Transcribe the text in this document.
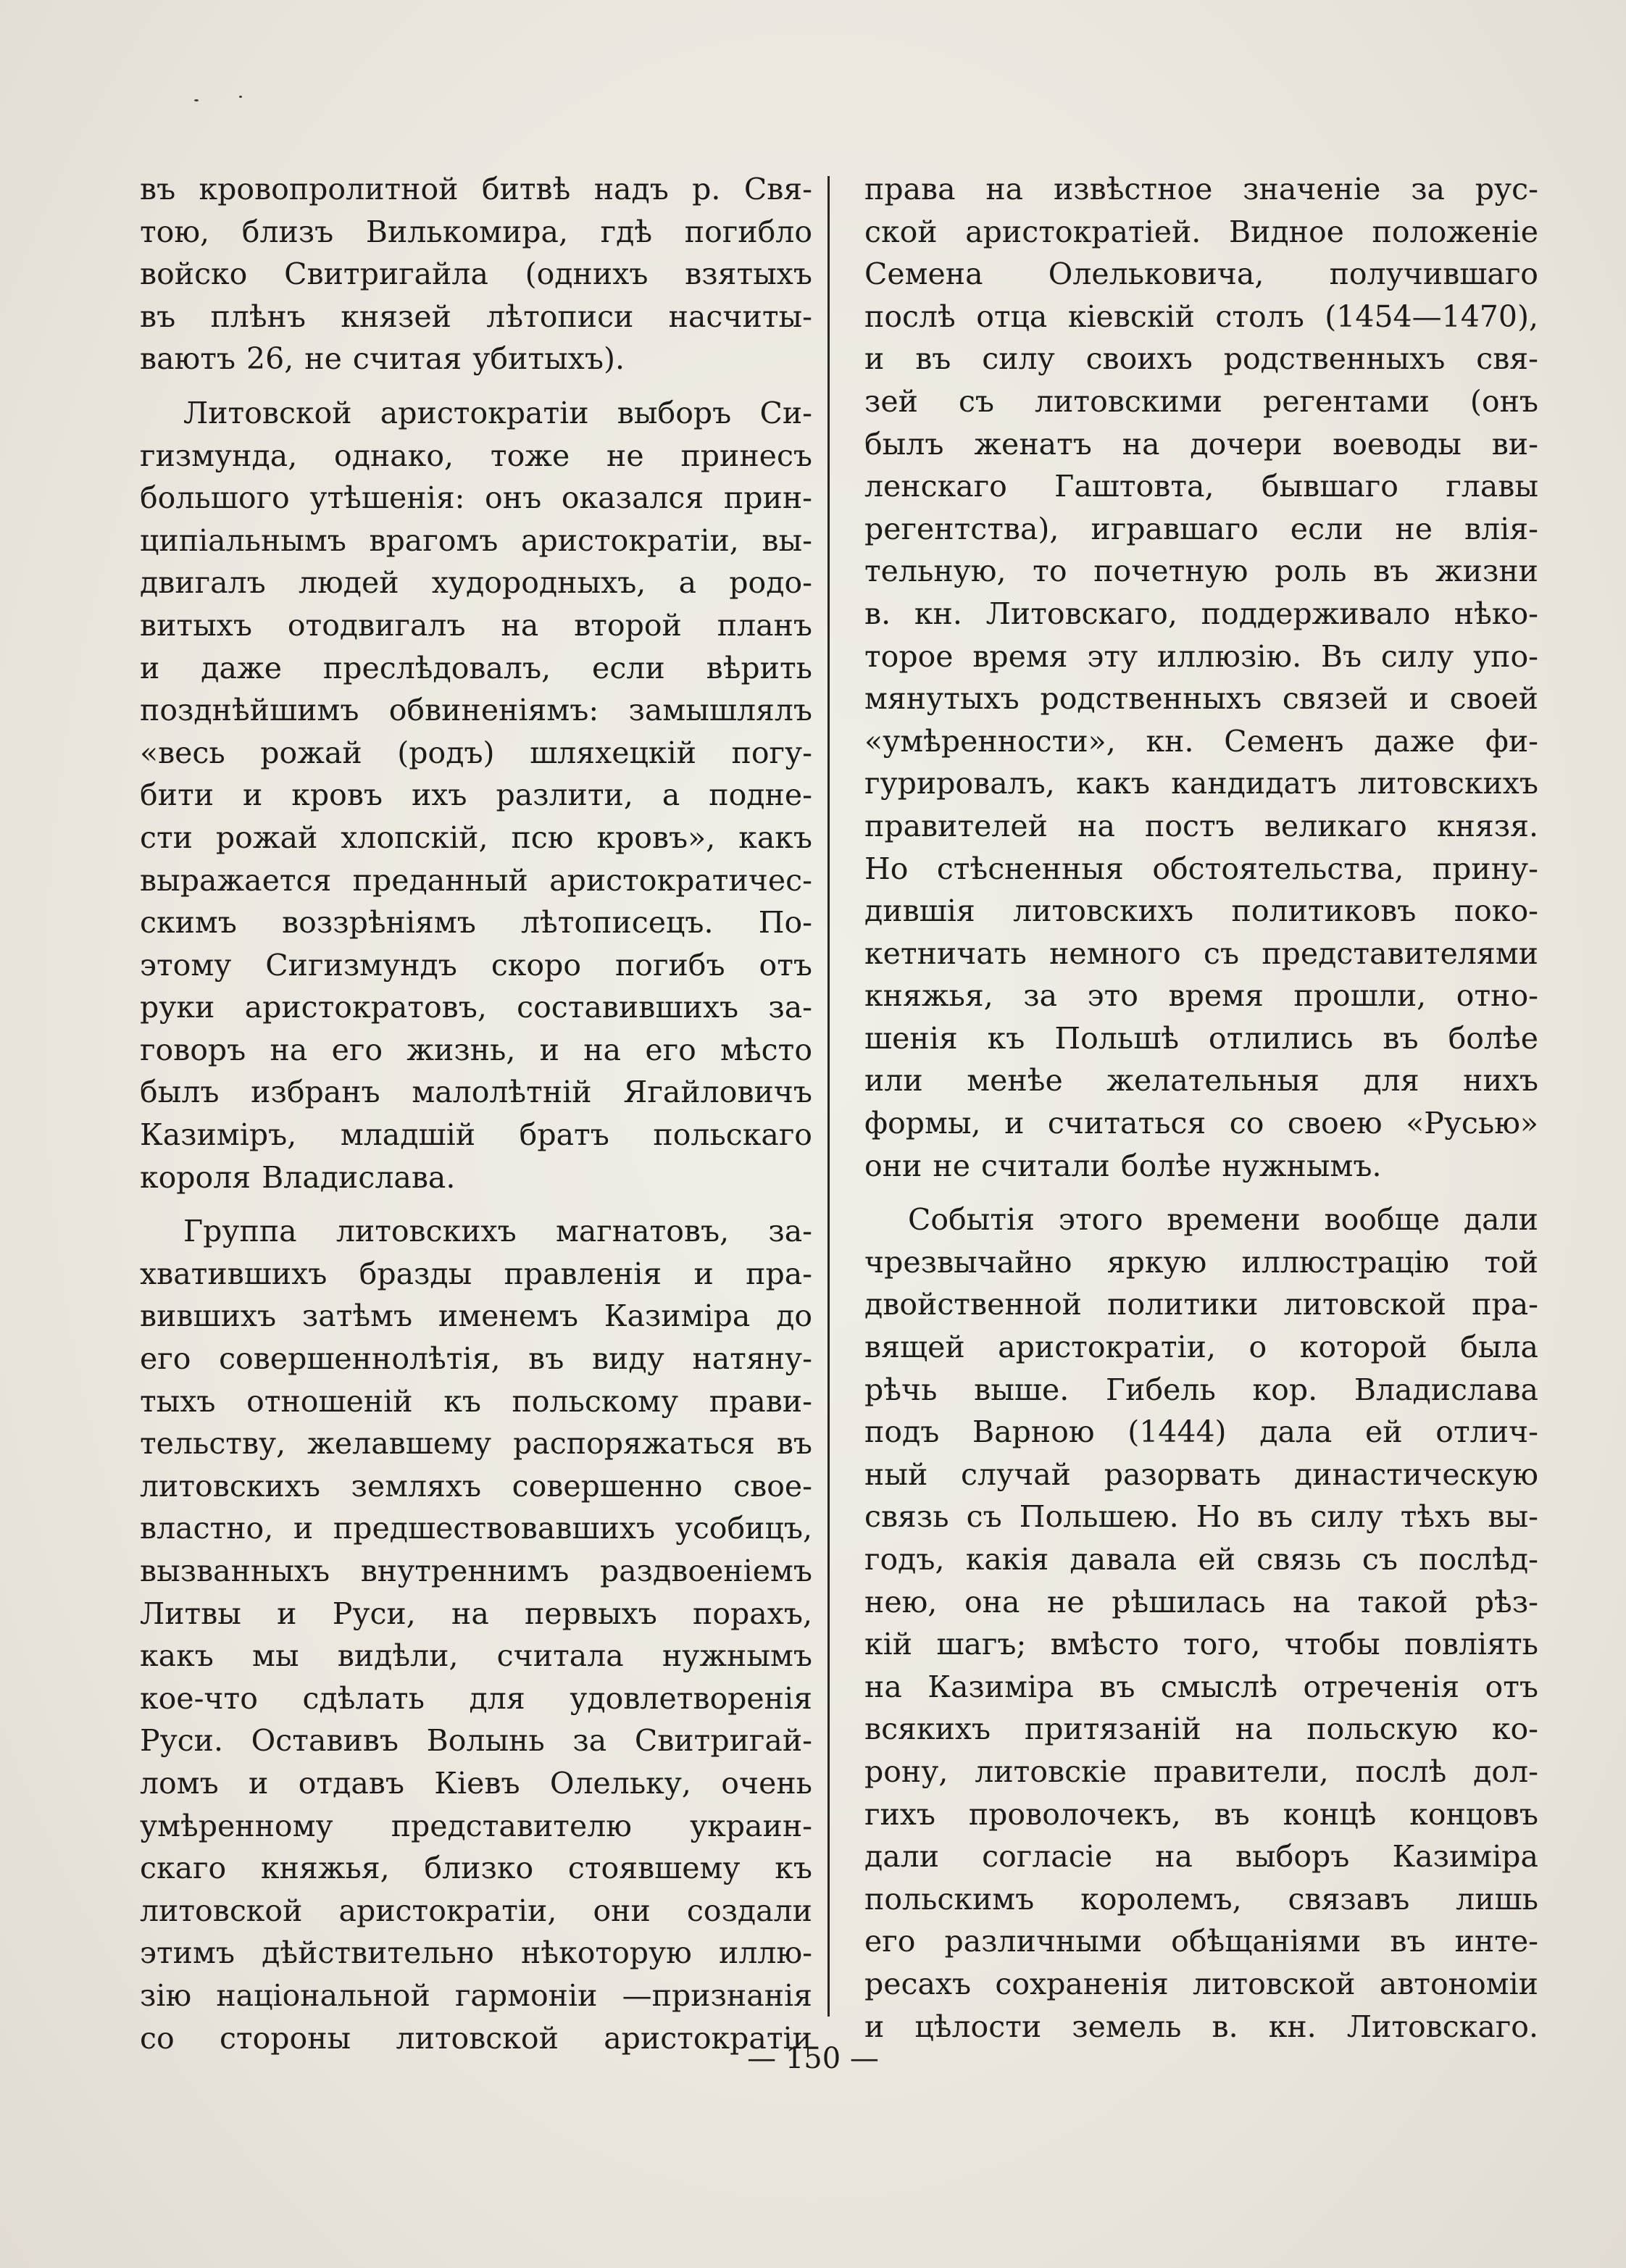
въ кровопролитной битвѣ надъ р. Свя-
тою, близъ Вилькомира, гдѣ погибло
войско Свитригайла (однихъ взятыхъ
въ плѣнъ князей лѣтописи насчиты-
ваютъ 26, не считая убитыхъ).
Литовской аристократіи выборъ Си-
гизмунда, однако, тоже не принесъ
большого утѣшенія: онъ оказался прин-
ципіальнымъ врагомъ аристократіи, вы-
двигалъ людей худородныхъ, а родо-
витыхъ отодвигалъ на второй планъ
и даже преслѣдовалъ, если вѣрить
позднѣйшимъ обвиненіямъ: замышлялъ
«весь рожай (родъ) шляхецкій погу-
бити и кровъ ихъ разлити, а поднe-
сти рожай хлопскій, псю кровъ», какъ
выражается преданный аристократичес-
скимъ воззрѣніямъ лѣтописецъ. По-
этому Сигизмундъ скоро погибъ отъ
руки аристократовъ, составившихъ за-
говоръ на его жизнь, и на его мѣсто
былъ избранъ малолѣтній Ягайловичъ
Казиміръ, младшій братъ польскаго
короля Владислава.
Группа литовскихъ магнатовъ, за-
хватившихъ бразды правленія и пра-
вившихъ затѣмъ именемъ Казиміра до
его совершеннолѣтія, въ виду натяну-
тыхъ отношеній къ польскому прави-
тельству, желавшему распоряжаться въ
литовскихъ земляхъ совершенно свое-
властно, и предшествовавшихъ усобицъ,
вызванныхъ внутреннимъ раздвоеніемъ
Литвы и Руси, на первыхъ порахъ,
какъ мы видѣли, считала нужнымъ
кое-что сдѣлать для удовлетворенія
Руси. Оставивъ Волынь за Свитригай-
ломъ и отдавъ Кіевъ Олельку, очень
умѣренному представителю украин-
скаго княжья, близко стоявшему къ
литовской аристократіи, они создали
этимъ дѣйствительно нѣкоторую иллю-
зію національной гармоніи —признанія
со стороны литовской аристократіи
права на извѣстное значеніе за рус-
ской аристократіей. Видное положеніе
Семена Олельковича, получившаго
послѣ отца кіевскій столъ (1454—1470),
и въ силу своихъ родственныхъ свя-
зей съ литовскими регентами (онъ
былъ женатъ на дочери воеводы ви-
ленскаго Гаштовта, бывшаго главы
регентства), игравшаго если не влія-
тельную, то почетную роль въ жизни
в. кн. Литовскаго, поддерживало нѣко-
торое время эту иллюзію. Въ силу упо-
мянутыхъ родственныхъ связей и своей
«умѣренности», кн. Семенъ даже фи-
гурировалъ, какъ кандидатъ литовскихъ
правителей на постъ великаго князя.
Но стѣсненныя обстоятельства, прину-
дившія литовскихъ политиковъ поко-
кетничать немного съ представителями
княжья, за это время прошли, отно-
шенія къ Польшѣ отлились въ болѣе
или менѣе желательныя для нихъ
формы, и считаться со своею «Русью»
они не считали болѣе нужнымъ.
Событія этого времени вообще дали
чрезвычайно яркую иллюстрацію той
двойственной политики литовской пра-
вящей аристократіи, о которой была
рѣчь выше. Гибель кор. Владислава
подъ Варною (1444) дала ей отлич-
ный случай разорвать династическую
связь съ Польшею. Но въ силу тѣхъ вы-
годъ, какія давала ей связь съ послѣд-
нею, она не рѣшилась на такой рѣз-
кій шагъ; вмѣсто того, чтобы повліять
на Казиміра въ смыслѣ отреченія отъ
всякихъ притязаній на польскую ко-
рону, литовскіе правители, послѣ дол-
гихъ проволочекъ, въ концѣ концовъ
дали согласіе на выборъ Казиміра
польскимъ королемъ, связавъ лишь
его различными обѣщаніями въ инте-
ресахъ сохраненія литовской автономіи
и цѣлости земель в. кн. Литовскаго.
— 150 —
